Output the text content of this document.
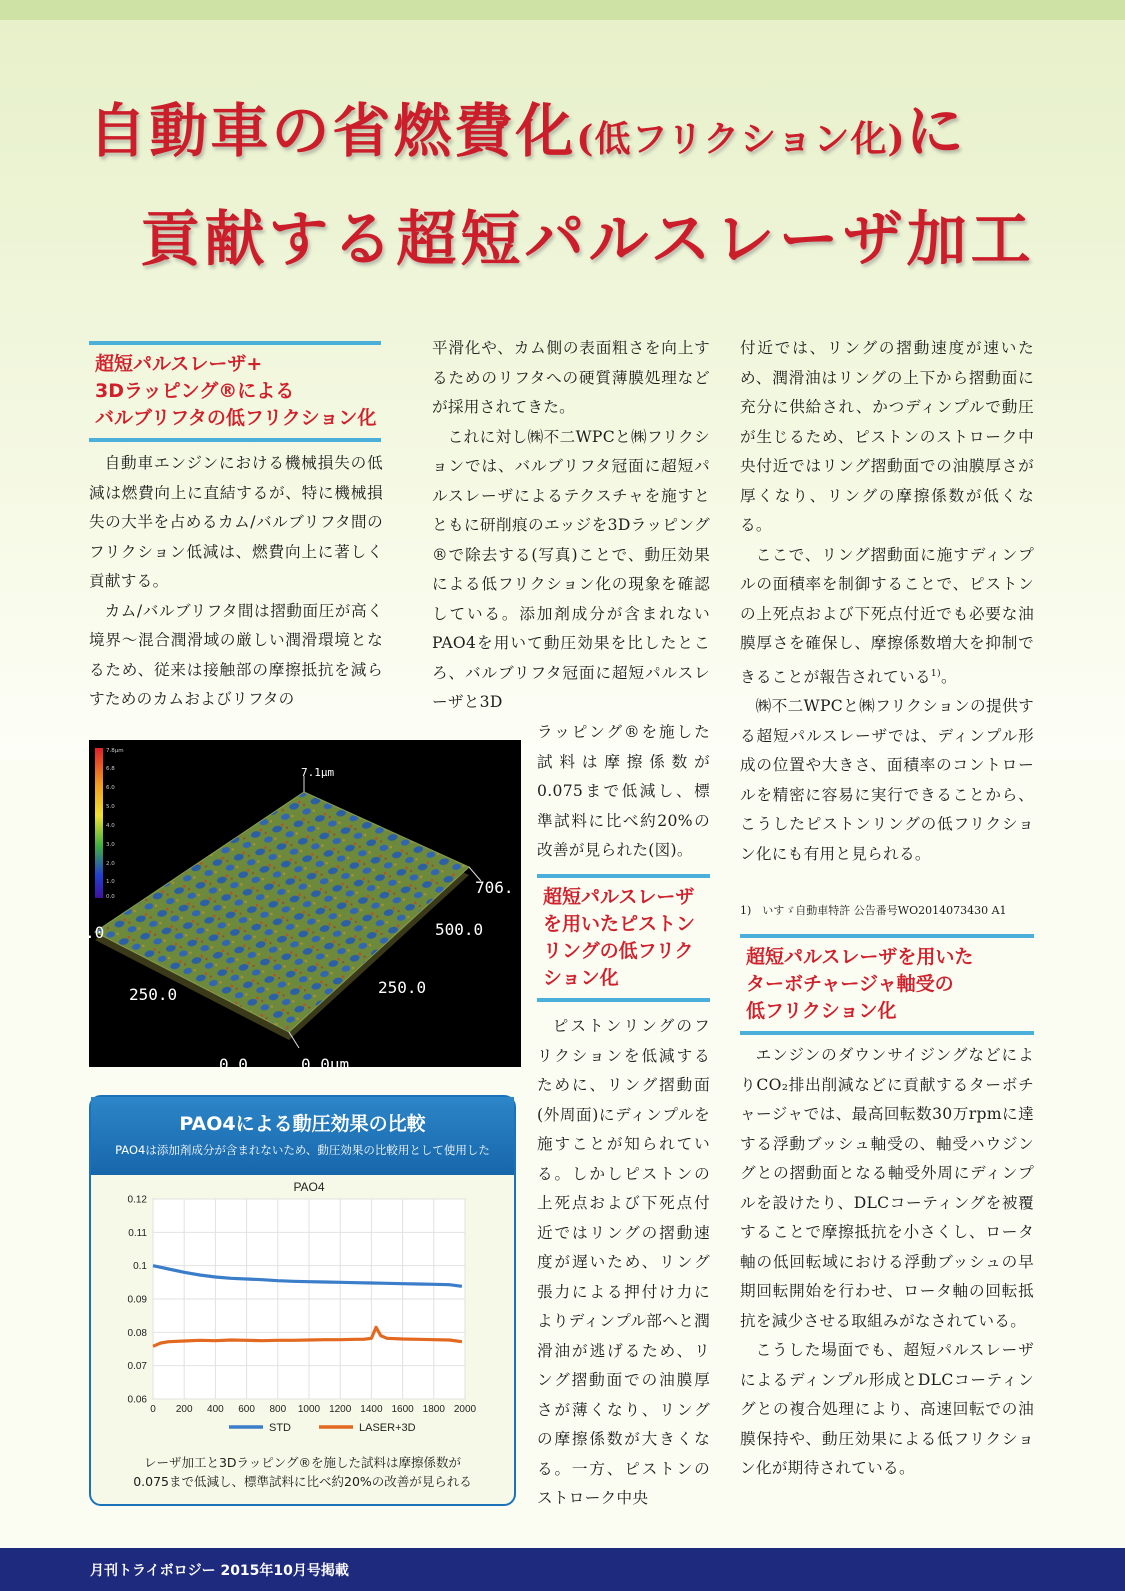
自動車の省燃費化(低フリクション化)に
貢献する超短パルスレーザ加工
超短パルスレーザ+
3Dラッピング®による
バルブリフタの低フリクション化

自動車エンジンにおける機械損失の低減は燃費向上に直結するが、特に機械損失の大半を占めるカム/バルブリフタ間のフリクション低減は、燃費向上に著しく貢献する。

カム/バルブリフタ間は摺動面圧が高く境界〜混合潤滑域の厳しい潤滑環境となるため、従来は接触部の摩擦抵抗を減らすためのカムおよびリフタの

7.8µm
6.8
6.0
5.0
4.0
3.0
2.0
1.0
0.0
7.1µm
706.
500.0
250.0	250.0
.0
0.0	0.0µm
PAO4による動圧効果の比較
PAO4は添加剤成分が含まれないため、動圧効果の比較用として使用した
0 200 400 600 800 1000 1200 1400 1600 1800 2000
0.06
0.07
0.08
0.09
0.1
0.11
0.12
PAO4
STD	LASER+3D
レーザ加工と3Dラッピング®を施した試料は摩擦係数が
0.075まで低減し、標準試料に比べ約20%の改善が見られる

平滑化や、カム側の表面粗さを向上するためのリフタへの硬質薄膜処理などが採用されてきた。

これに対し㈱不二WPCと㈱フリクションでは、バルブリフタ冠面に超短パルスレーザによるテクスチャを施すとともに研削痕のエッジを3Dラッピング®で除去する(写真)ことで、動圧効果による低フリクション化の現象を確認している。添加剤成分が含まれないPAO4を用いて動圧効果を比したところ、バルブリフタ冠面に超短パルスレーザと3D

ラッピング®を施した試料は摩擦係数が0.075まで低減し、標準試料に比べ約20%の改善が見られた(図)。

超短パルスレーザ
を用いたピストン
リングの低フリク
ション化

ピストンリングのフリクションを低減するために、リング摺動面(外周面)にディンプルを施すことが知られている。しかしピストンの上死点および下死点付近ではリングの摺動速度が遅いため、リング張力による押付け力によりディンプル部へと潤滑油が逃げるため、リング摺動面での油膜厚さが薄くなり、リングの摩擦係数が大きくなる。一方、ピストンのストローク中央

付近では、リングの摺動速度が速いため、潤滑油はリングの上下から摺動面に充分に供給され、かつディンプルで動圧が生じるため、ピストンのストローク中央付近ではリング摺動面での油膜厚さが厚くなり、リングの摩擦係数が低くなる。

ここで、リング摺動面に施すディンプルの面積率を制御することで、ピストンの上死点および下死点付近でも必要な油膜厚さを確保し、摩擦係数増大を抑制できることが報告されている$^{1)}$。

㈱不二WPCと㈱フリクションの提供する超短パルスレーザでは、ディンプル形成の位置や大きさ、面積率のコントロールを精密に容易に実行できることから、こうしたピストンリングの低フリクション化にも有用と見られる。

1)　いすゞ自動車特許 公告番号WO2014073430 A1
超短パルスレーザを用いた
ターボチャージャ軸受の
低フリクション化

エンジンのダウンサイジングなどによりCO₂排出削減などに貢献するターボチャージャでは、最高回転数30万rpmに達する浮動ブッシュ軸受の、軸受ハウジングとの摺動面となる軸受外周にディンプルを設けたり、DLCコーティングを被覆することで摩擦抵抗を小さくし、ロータ軸の低回転域における浮動ブッシュの早期回転開始を行わせ、ロータ軸の回転抵抗を減少させる取組みがなされている。

こうした場面でも、超短パルスレーザによるディンプル形成とDLCコーティングとの複合処理により、高速回転での油膜保持や、動圧効果による低フリクション化が期待されている。

月刊トライボロジー 2015年10月号掲載
